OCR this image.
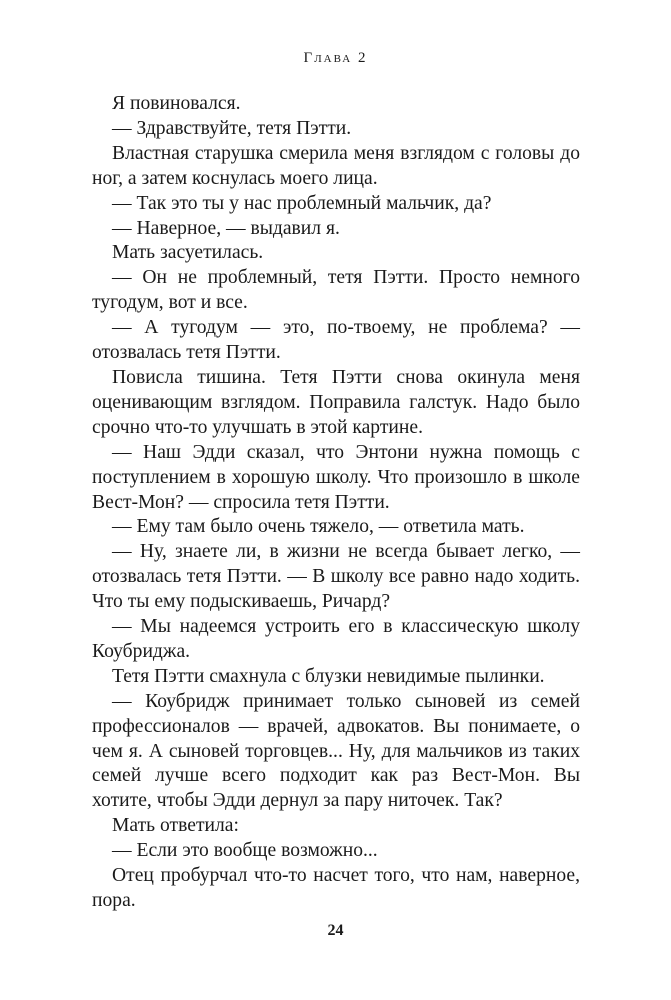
Глава 2

Я повиновался.

— Здравствуйте, тетя Пэтти.

Властная старушка смерила меня взглядом с головы до ног, а затем коснулась моего лица.

— Так это ты у нас проблемный мальчик, да?

— Наверное, — выдавил я.

Мать засуетилась.

— Он не проблемный, тетя Пэтти. Просто немного тугодум, вот и все.

— А тугодум — это, по-твоему, не проблема? — отозвалась тетя Пэтти.

Повисла тишина. Тетя Пэтти снова окинула меня оценивающим взглядом. Поправила галстук. Надо было срочно что-то улучшать в этой картине.

— Наш Эдди сказал, что Энтони нужна помощь с поступлением в хорошую школу. Что произошло в школе Вест-Мон? — спросила тетя Пэтти.

— Ему там было очень тяжело, — ответила мать.

— Ну, знаете ли, в жизни не всегда бывает легко, — отозвалась тетя Пэтти. — В школу все равно надо ходить. Что ты ему подыскиваешь, Ричард?

— Мы надеемся устроить его в классическую школу Коубриджа.

Тетя Пэтти смахнула с блузки невидимые пылинки.

— Коубридж принимает только сыновей из семей профессионалов — врачей, адвокатов. Вы понимаете, о чем я. А сыновей торговцев... Ну, для мальчиков из таких семей лучше всего подходит как раз Вест-Мон. Вы хотите, чтобы Эдди дернул за пару ниточек. Так?

Мать ответила:

— Если это вообще возможно...

Отец пробурчал что-то насчет того, что нам, наверное, пора.

24
